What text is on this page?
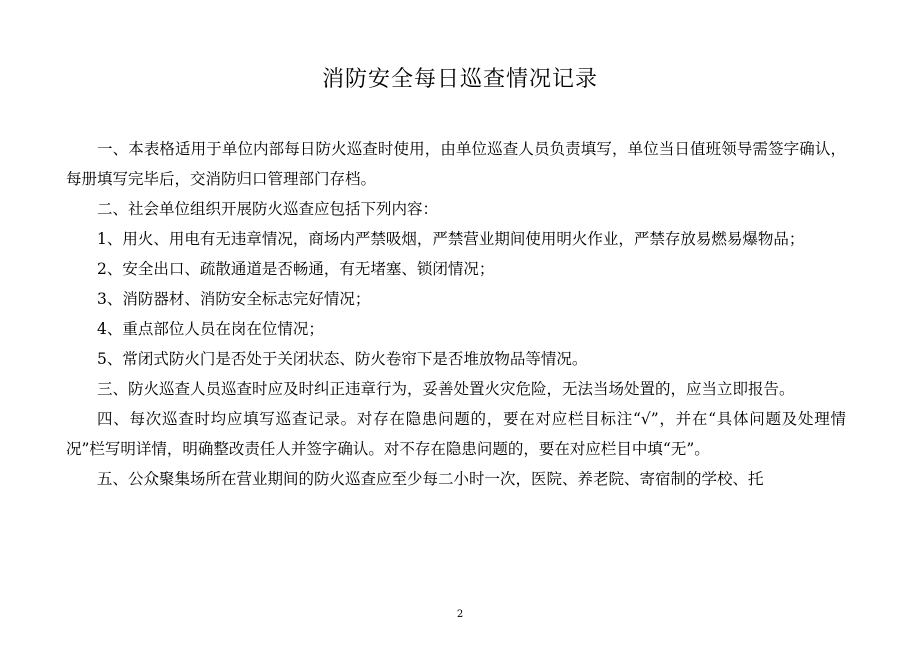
消防安全每日巡查情况记录

一、本表格适用于单位内部每日防火巡查时使用，由单位巡查人员负责填写，单位当日值班领导需签字确认，每册填写完毕后，交消防归口管理部门存档。

二、社会单位组织开展防火巡查应包括下列内容：

1、用火、用电有无违章情况，商场内严禁吸烟，严禁营业期间使用明火作业，严禁存放易燃易爆物品；

2、安全出口、疏散通道是否畅通，有无堵塞、锁闭情况；

3、消防器材、消防安全标志完好情况；

4、重点部位人员在岗在位情况；

5、常闭式防火门是否处于关闭状态、防火卷帘下是否堆放物品等情况。

三、防火巡查人员巡查时应及时纠正违章行为，妥善处置火灾危险，无法当场处置的，应当立即报告。

四、每次巡查时均应填写巡查记录。对存在隐患问题的，要在对应栏目标注“√”，并在“具体问题及处理情况”栏写明详情，明确整改责任人并签字确认。对不存在隐患问题的，要在对应栏目中填“无”。

五、公众聚集场所在营业期间的防火巡查应至少每二小时一次，医院、养老院、寄宿制的学校、托

2
